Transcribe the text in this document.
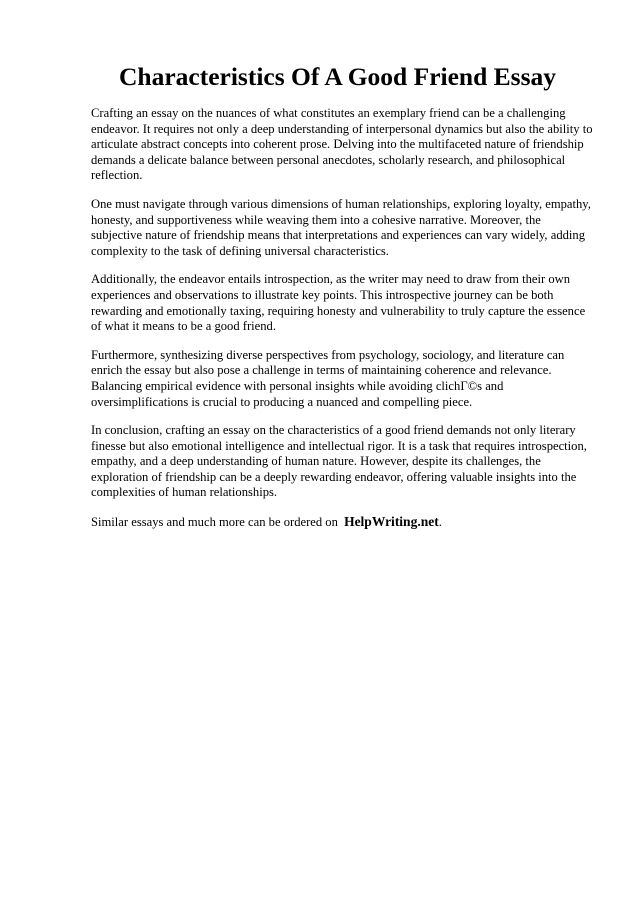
Characteristics Of A Good Friend Essay

Crafting an essay on the nuances of what constitutes an exemplary friend can be a challenging endeavor. It requires not only a deep understanding of interpersonal dynamics but also the ability to articulate abstract concepts into coherent prose. Delving into the multifaceted nature of friendship demands a delicate balance between personal anecdotes, scholarly research, and philosophical reflection.

One must navigate through various dimensions of human relationships, exploring loyalty, empathy, honesty, and supportiveness while weaving them into a cohesive narrative. Moreover, the subjective nature of friendship means that interpretations and experiences can vary widely, adding complexity to the task of defining universal characteristics.

Additionally, the endeavor entails introspection, as the writer may need to draw from their own experiences and observations to illustrate key points. This introspective journey can be both rewarding and emotionally taxing, requiring honesty and vulnerability to truly capture the essence of what it means to be a good friend.

Furthermore, synthesizing diverse perspectives from psychology, sociology, and literature can enrich the essay but also pose a challenge in terms of maintaining coherence and relevance. Balancing empirical evidence with personal insights while avoiding clichΓ©s and oversimplifications is crucial to producing a nuanced and compelling piece.

In conclusion, crafting an essay on the characteristics of a good friend demands not only literary finesse but also emotional intelligence and intellectual rigor. It is a task that requires introspection, empathy, and a deep understanding of human nature. However, despite its challenges, the exploration of friendship can be a deeply rewarding endeavor, offering valuable insights into the complexities of human relationships.

Similar essays and much more can be ordered on HelpWriting.net.
